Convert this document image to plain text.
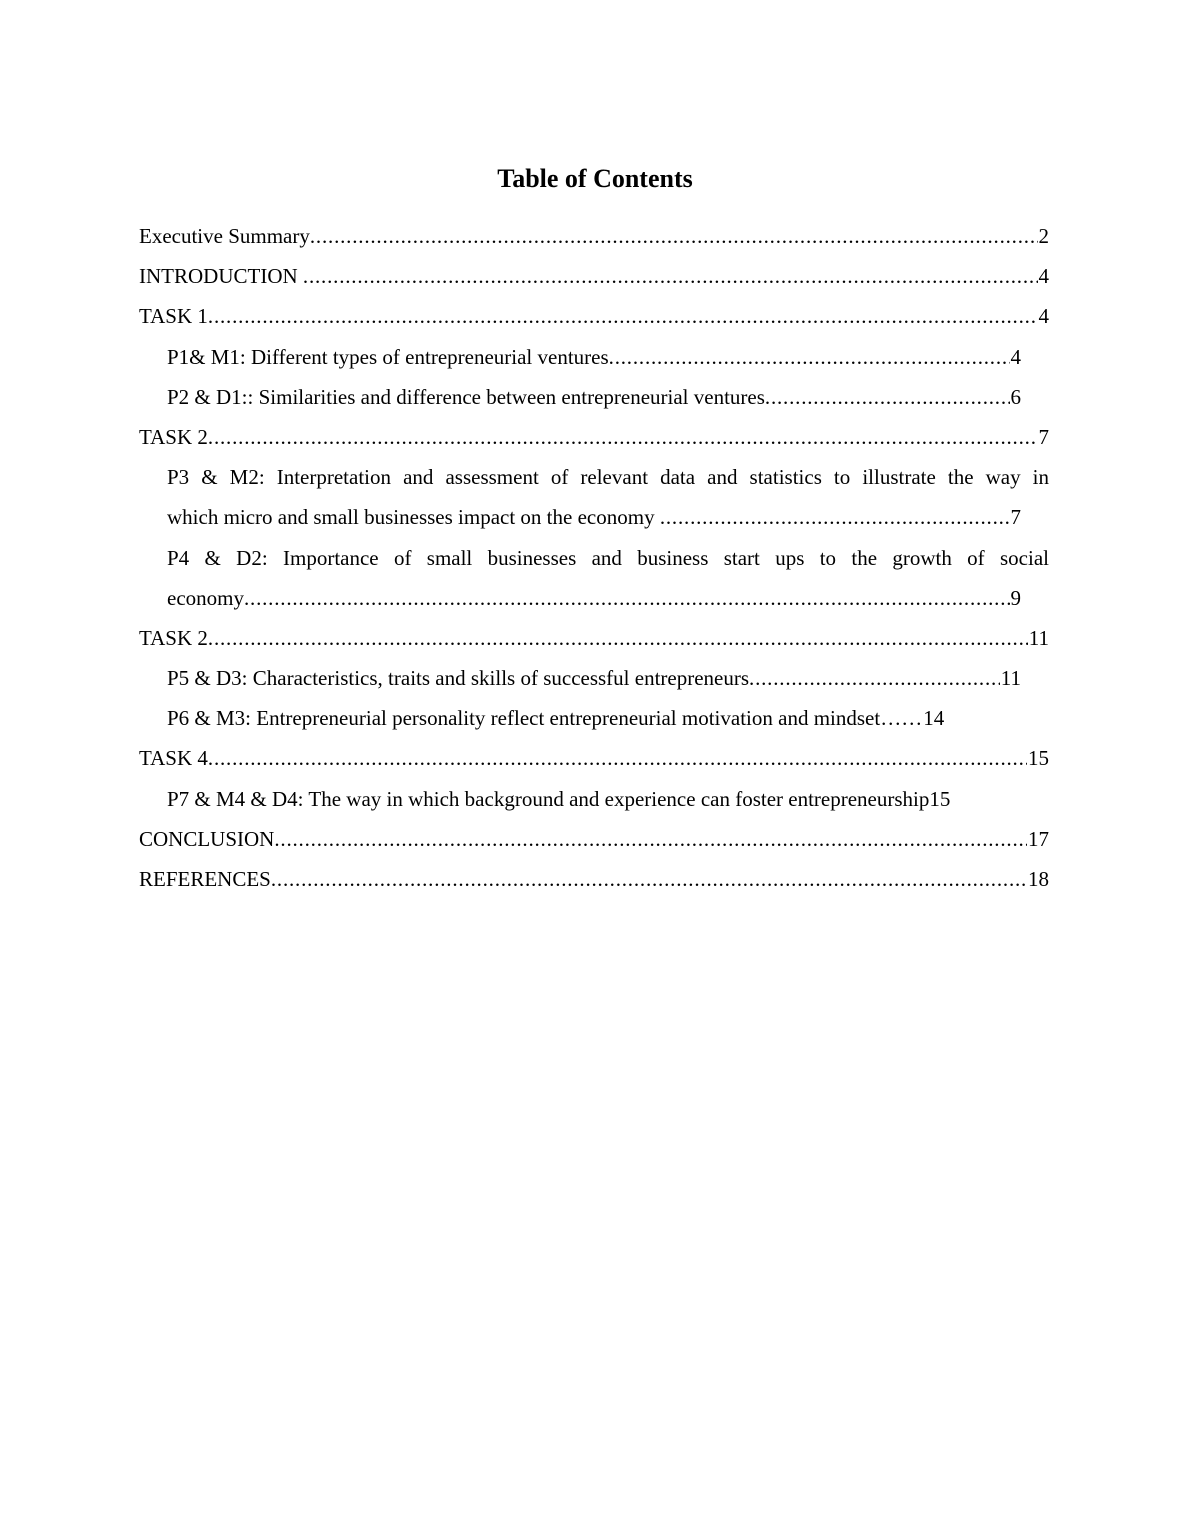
Table of Contents
Executive Summary .....	2
INTRODUCTION .....	4
TASK 1 .....	4
P1& M1: Different types of entrepreneurial ventures .....	4
P2 & D1:: Similarities and difference between entrepreneurial ventures .....	6
TASK 2 .....	7
P3 & M2: Interpretation and assessment of relevant data and statistics to illustrate the way in
which micro and small businesses impact on the economy .....	7
P4 & D2: Importance of small businesses and business start ups to the growth of social
economy .....	9
TASK 2 .....	11
P5 & D3: Characteristics, traits and skills of successful entrepreneurs .....	11
P6 & M3: Entrepreneurial personality reflect entrepreneurial motivation and mindset……14
TASK 4 .....	15
P7 & M4 & D4: The way in which background and experience can foster entrepreneurship15
CONCLUSION .....	17
REFERENCES .....	18
